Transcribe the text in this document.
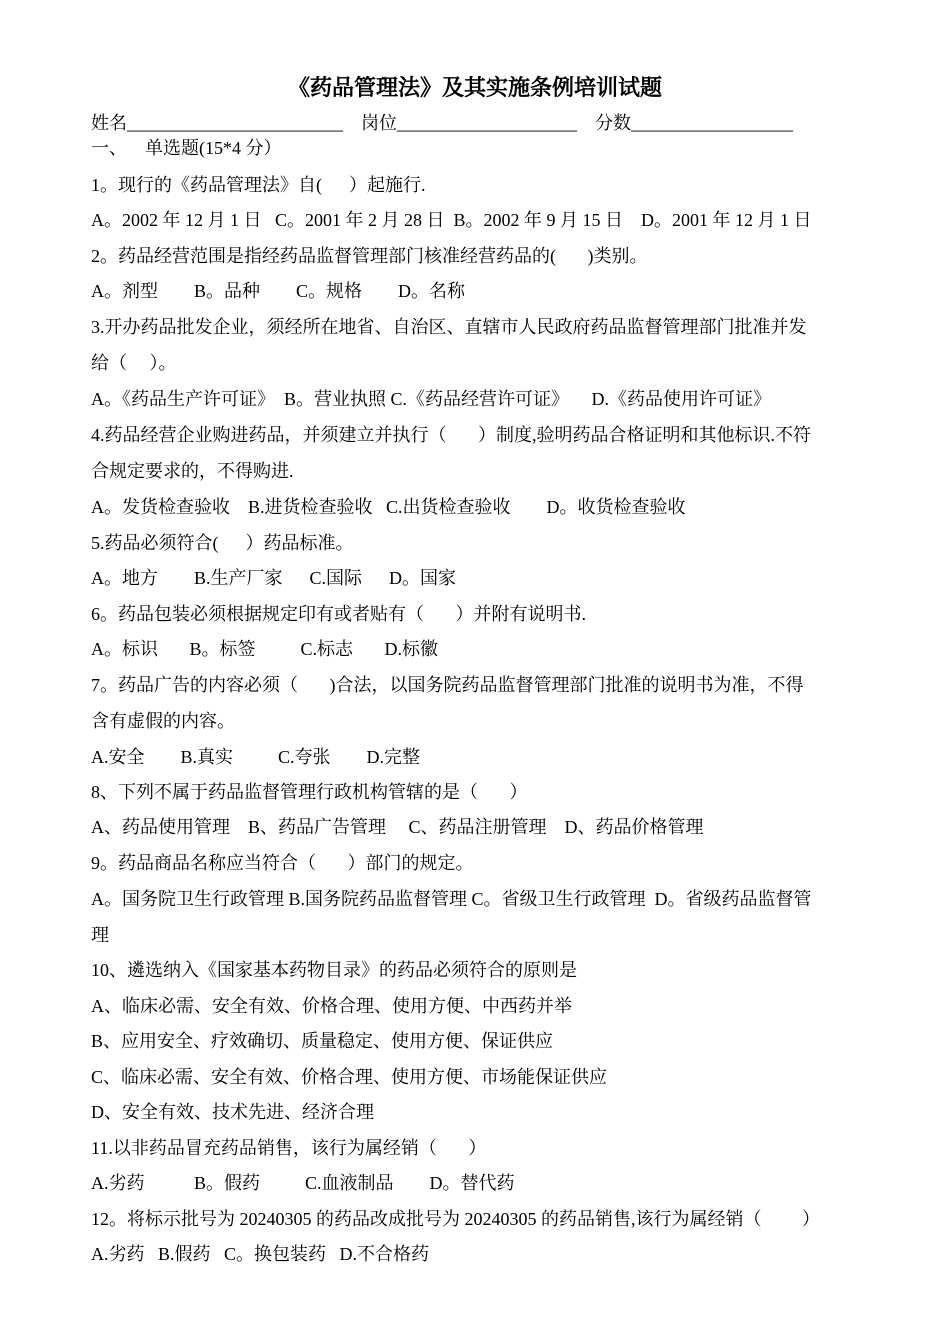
《药品管理法》及其实施条例培训试题
姓名________________________    岗位____________________    分数__________________
一、    单选题(15*4 分）
1。现行的《药品管理法》自(      ）起施行.
A。2002 年 12 月 1 日   C。2001 年 2 月 28 日  B。2002 年 9 月 15 日    D。2001 年 12 月 1 日
2。药品经营范围是指经药品监督管理部门核准经营药品的(       )类别。
A。剂型        B。品种        C。规格        D。名称
3.开办药品批发企业，须经所在地省、自治区、直辖市人民政府药品监督管理部门批准并发
给（     ）。
A。《药品生产许可证》  B。营业执照 C.《药品经营许可证》     D.《药品使用许可证》
4.药品经营企业购进药品，并须建立并执行（       ）制度,验明药品合格证明和其他标识.不符
合规定要求的，不得购进.
A。发货检查验收    B.进货检查验收   C.出货检查验收        D。收货检查验收
5.药品必须符合(      ）药品标准。
A。地方        B.生产厂家      C.国际      D。国家
6。药品包装必须根据规定印有或者贴有（       ）并附有说明书.
A。标识       B。标签          C.标志       D.标徽
7。药品广告的内容必须（       )合法，以国务院药品监督管理部门批准的说明书为准，不得
含有虚假的内容。
A.安全        B.真实          C.夸张        D.完整
8、下列不属于药品监督管理行政机构管辖的是（       ）
A、药品使用管理    B、药品广告管理     C、药品注册管理    D、药品价格管理
9。药品商品名称应当符合（       ）部门的规定。
A。国务院卫生行政管理 B.国务院药品监督管理 C。省级卫生行政管理  D。省级药品监督管
理
10、遴选纳入《国家基本药物目录》的药品必须符合的原则是
A、临床必需、安全有效、价格合理、使用方便、中西药并举
B、应用安全、疗效确切、质量稳定、使用方便、保证供应
C、临床必需、安全有效、价格合理、使用方便、市场能保证供应
D、安全有效、技术先进、经济合理
11.以非药品冒充药品销售，该行为属经销（       ）
A.劣药           B。假药          C.血液制品        D。替代药
12。将标示批号为 20240305 的药品改成批号为 20240305 的药品销售,该行为属经销（         ）
A.劣药   B.假药   C。换包装药   D.不合格药
